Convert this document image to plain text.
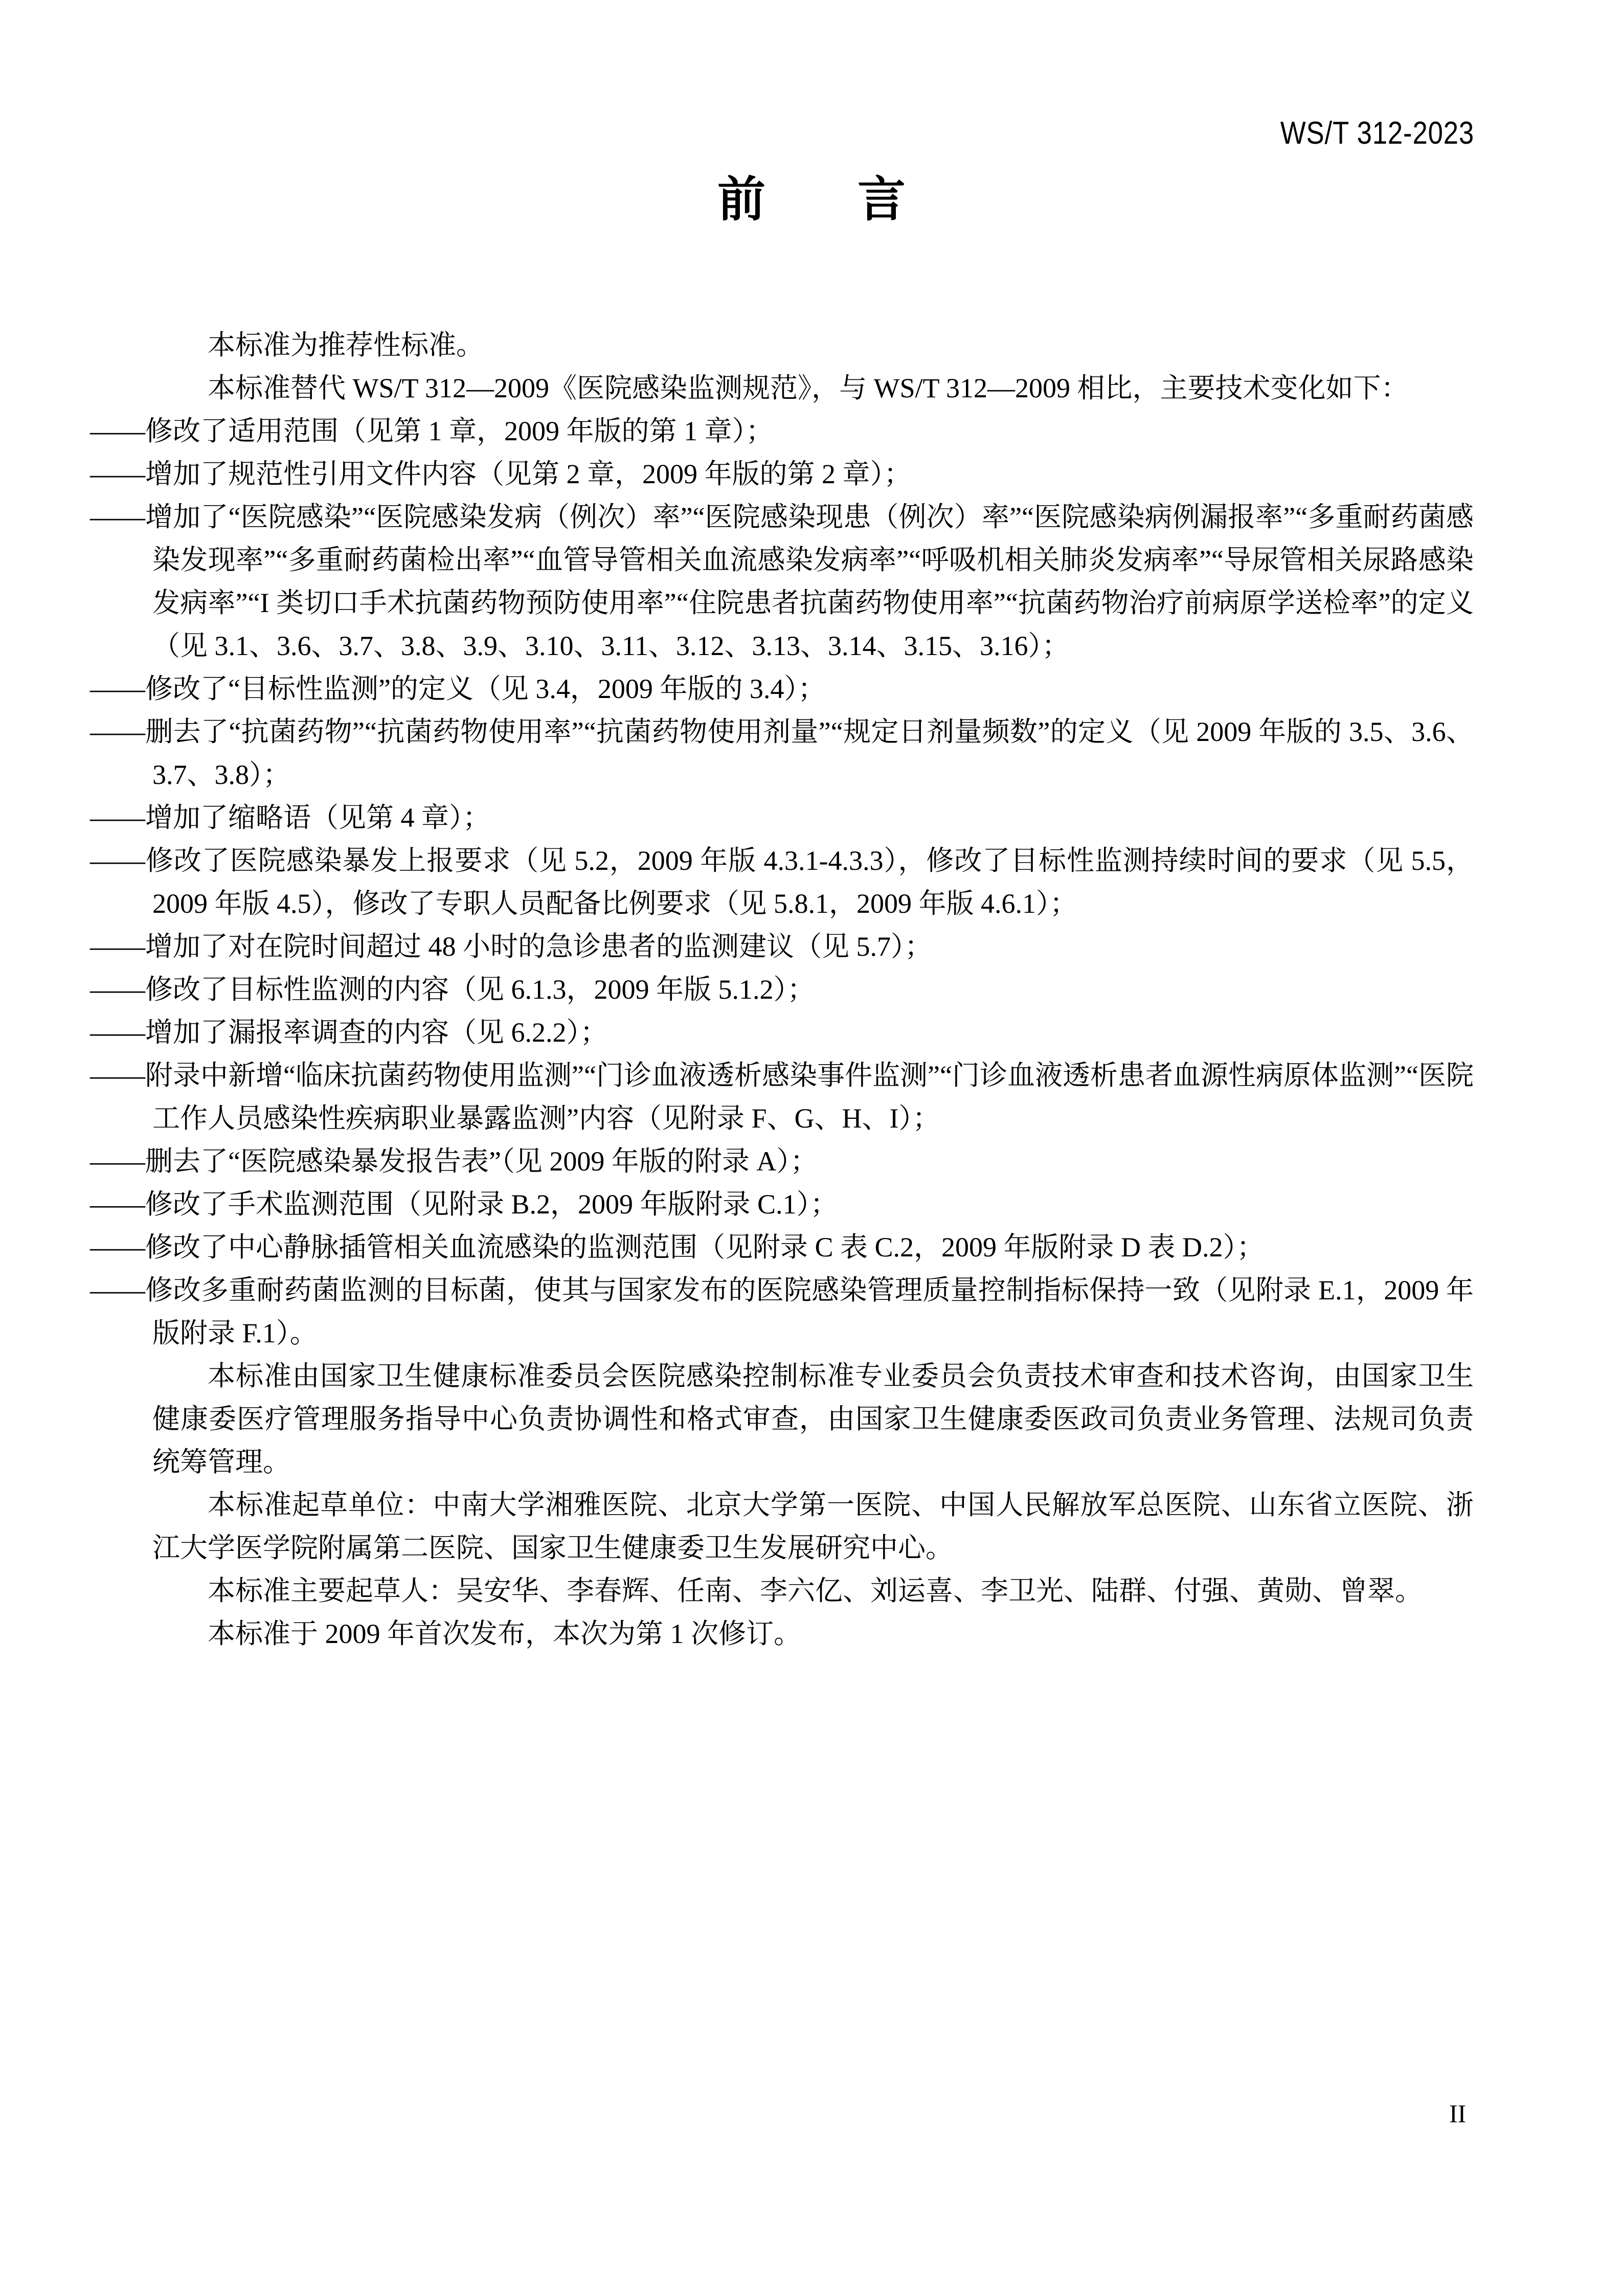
WS/T 312-2023
前 言

本标准为推荐性标准。

本标准替代 WS/T 312—2009《医院感染监测规范》，与 WS/T 312—2009 相比，主要技术变化如下：

——修改了适用范围（见第 1 章，2009 年版的第 1 章）；

——增加了规范性引用文件内容（见第 2 章，2009 年版的第 2 章）；

——增加了“医院感染”“医院感染发病（例次）率”“医院感染现患（例次）率”“医院感染病例漏报率”“多重耐药菌感染发现率”“多重耐药菌检出率”“血管导管相关血流感染发病率”“呼吸机相关肺炎发病率”“导尿管相关尿路感染发病率”“I 类切口手术抗菌药物预防使用率”“住院患者抗菌药物使用率”“抗菌药物治疗前病原学送检率”的定义（见 3.1、3.6、3.7、3.8、3.9、3.10、3.11、3.12、3.13、3.14、3.15、3.16）；

——修改了“目标性监测”的定义（见 3.4，2009 年版的 3.4）；

——删去了“抗菌药物”“抗菌药物使用率”“抗菌药物使用剂量”“规定日剂量频数”的定义（见 2009 年版的 3.5、3.6、3.7、3.8）；

——增加了缩略语（见第 4 章）；

——修改了医院感染暴发上报要求（见 5.2，2009 年版 4.3.1-4.3.3），修改了目标性监测持续时间的要求（见 5.5，2009 年版 4.5），修改了专职人员配备比例要求（见 5.8.1，2009 年版 4.6.1）；

——增加了对在院时间超过 48 小时的急诊患者的监测建议（见 5.7）；

——修改了目标性监测的内容（见 6.1.3，2009 年版 5.1.2）；

——增加了漏报率调查的内容（见 6.2.2）；

——附录中新增“临床抗菌药物使用监测”“门诊血液透析感染事件监测”“门诊血液透析患者血源性病原体监测”“医院工作人员感染性疾病职业暴露监测”内容（见附录 F、G、H、I）；

——删去了“医院感染暴发报告表”（见 2009 年版的附录 A）；

——修改了手术监测范围（见附录 B.2，2009 年版附录 C.1）；

——修改了中心静脉插管相关血流感染的监测范围（见附录 C 表 C.2，2009 年版附录 D 表 D.2）；

——修改多重耐药菌监测的目标菌，使其与国家发布的医院感染管理质量控制指标保持一致（见附录 E.1，2009 年版附录 F.1）。

本标准由国家卫生健康标准委员会医院感染控制标准专业委员会负责技术审查和技术咨询，由国家卫生健康委医疗管理服务指导中心负责协调性和格式审查，由国家卫生健康委医政司负责业务管理、法规司负责统筹管理。

本标准起草单位：中南大学湘雅医院、北京大学第一医院、中国人民解放军总医院、山东省立医院、浙江大学医学院附属第二医院、国家卫生健康委卫生发展研究中心。

本标准主要起草人：吴安华、李春辉、任南、李六亿、刘运喜、李卫光、陆群、付强、黄勋、曾翠。

本标准于 2009 年首次发布，本次为第 1 次修订。

II
